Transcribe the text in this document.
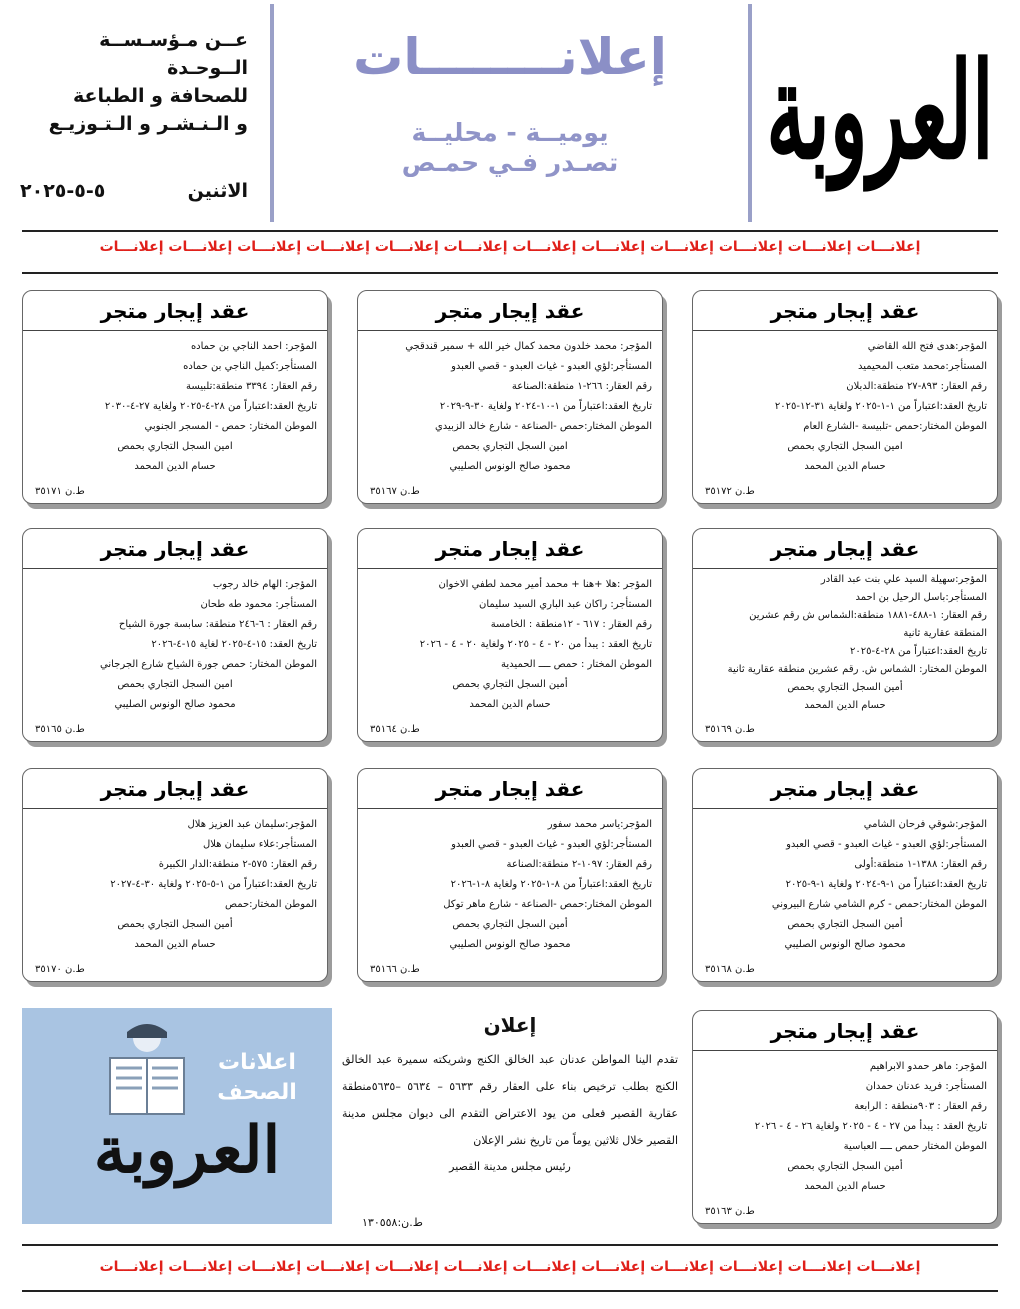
العروبة
إعلانــــــــات
يوميــة - محليــة
تصـدر فـي حمـص
عــن مـؤسـســة الــوحـدة
للصحافة و الطباعة
و الـنـشـر و الـتـوزيـع
الاثنين
٥-٥-٢٠٢٥
إعلانـــات إعلانـــات إعلانـــات إعلانـــات إعلانـــات إعلانـــات إعلانـــات إعلانـــات إعلانـــات إعلانـــات إعلانـــات إعلانـــات
عقد إيجار متجر
المؤجر:هدى فتح الله القاضي
المستأجر:محمد متعب المحيميد
رقم العقار: ٨٩٣-٢٧ منطقة:الدبلان
تاريخ العقد:اعتباراً من ١-١-٢٠٢٥ ولغاية ٣١-١٢-٢٠٢٥
الموطن المختار:حمص -تلبيسة -الشارع العام
امين السجل التجاري بحمص
حسام الدين المحمد
ط.ن ٣٥١٧٢
عقد إيجار متجر
المؤجر: محمد خلدون محمد كمال خير الله + سمير قندقجي
المستأجر:لؤي العبدو - غياث العبدو - قصي العبدو
رقم العقار: ٢٦٦-١ منطقة:الصناعة
تاريخ العقد:اعتباراً من ١-١٠-٢٠٢٤ ولغاية ٣٠-٩-٢٠٢٩
الموطن المختار:حمص -الصناعة - شارع خالد الزبيدي
امين السجل التجاري بحمص
محمود صالح الونوس الصليبي
ط.ن ٣٥١٦٧
عقد إيجار متجر
المؤجر: احمد الناجي بن حماده
المستأجر:كميل الناجي بن حماده
رقم العقار: ٣٣٩٤ منطقة:تلبيسة
تاريخ العقد:اعتباراً من ٢٨-٤-٢٠٢٥ ولغاية ٢٧-٤-٢٠٣٠
الموطن المختار: حمص - المسجر الجنوبي
امين السجل التجاري بحمص
حسام الدين المحمد
ط.ن ٣٥١٧١
عقد إيجار متجر
المؤجر:سهيلة السيد علي بنت عبد القادر
المستأجر:باسل الرحيل بن احمد
رقم العقار: ١-٤٨٨-١٨٨١ منطقة:الشماس ش رقم عشرين
المنطقة عقارية ثانية
تاريخ العقد:اعتباراً من ٢٨-٤-٢٠٢٥
الموطن المختار: الشماس ش. رقم عشرين منطقة عقارية ثانية
أمين السجل التجاري بحمص
حسام الدين المحمد
ط.ن ٣٥١٦٩
عقد إيجار متجر
المؤجر :هلا +هنا + محمد أمير محمد لطفي الاخوان
المستأجر: راكان عبد الباري السيد سليمان
رقم العقار : ٦١٧ - ١٢منطقة : الخامسة
تاريخ العقد : يبدأ من ٢٠ - ٤ - ٢٠٢٥ ولغاية ٢٠ - ٤ - ٢٠٢٦
الموطن المختار : حمص ــــ الحميدية
أمين السجل التجاري بحمص
حسام الدين المحمد
ط.ن ٣٥١٦٤
عقد إيجار متجر
المؤجر: الهام خالد رجوب
المستأجر: محمود طه طحان
رقم العقار : ٦-٢٤٦ منطقة: سابسة جورة الشياح
تاريخ العقد: ١٥-٤-٢٠٢٥ لغاية ١٥-٤-٢٠٢٦
الموطن المختار: حمص جورة الشياح شارع الجرجاني
امين السجل التجاري بحمص
محمود صالح الونوس الصليبي
ط.ن ٣٥١٦٥
عقد إيجار متجر
المؤجر:شوقي فرحان الشامي
المستأجر:لؤي العبدو - غياث العبدو - قصي العبدو
رقم العقار: ١٣٨٨-١ منطقة:أولى
تاريخ العقد:اعتباراً من ١-٩-٢٠٢٤ ولغاية ١-٩-٢٠٢٥
الموطن المختار:حمص - كرم الشامي شارع البيروني
أمين السجل التجاري بحمص
محمود صالح الونوس الصليبي
ط.ن ٣٥١٦٨
عقد إيجار متجر
المؤجر:ياسر محمد سفور
المستأجر:لؤي العبدو - غياث العبدو - قصي العبدو
رقم العقار: ١٠٩٧-٢ منطقة:الصناعة
تاريخ العقد:اعتباراً من ٨-١-٢٠٢٥ ولغاية ٨-١-٢٠٢٦
الموطن المختار:حمص -الصناعة - شارع ماهر توكل
أمين السجل التجاري بحمص
محمود صالح الونوس الصليبي
ط.ن ٣٥١٦٦
عقد إيجار متجر
المؤجر:سليمان عبد العزيز هلال
المستأجر:علاء سليمان هلال
رقم العقار: ٥٧٥-٢ منطقة:الدار الكبيرة
تاريخ العقد:اعتباراً من ١-٥-٢٠٢٥ ولغاية ٣٠-٤-٢٠٢٧
الموطن المختار:حمص
أمين السجل التجاري بحمص
حسام الدين المحمد
ط.ن ٣٥١٧٠
عقد إيجار متجر
المؤجر: ماهر حمدو الابراهيم
المستأجر: فريد عدنان حمدان
رقم العقار : ٩٠٣منطقة : الرابعة
تاريخ العقد : يبدأ من ٢٧ - ٤ - ٢٠٢٥ ولغاية ٢٦ - ٤ - ٢٠٢٦
الموطن المختار حمص ــــ العباسية
أمين السجل التجاري بحمص
حسام الدين المحمد
ط.ن ٣٥١٦٣
إعلان
تقدم الينا المواطن عدنان عبد الخالق الكنج وشريكته سميرة عبد الخالق الكنج بطلب ترخيص بناء على العقار رقم ٥٦٣٣ – ٥٦٣٤ –٥٦٣٥منطقة عقارية القصير فعلى من يود الاعتراض التقدم الى ديوان مجلس مدينة القصير خلال ثلاثين يوماً من تاريخ نشر الإعلان
رئيس مجلس مدينة القصير
ط.ن:١٣٠٥٥٨
اعلانات
الصحف
العروبة
إعلانـــات إعلانـــات إعلانـــات إعلانـــات إعلانـــات إعلانـــات إعلانـــات إعلانـــات إعلانـــات إعلانـــات إعلانـــات إعلانـــات
